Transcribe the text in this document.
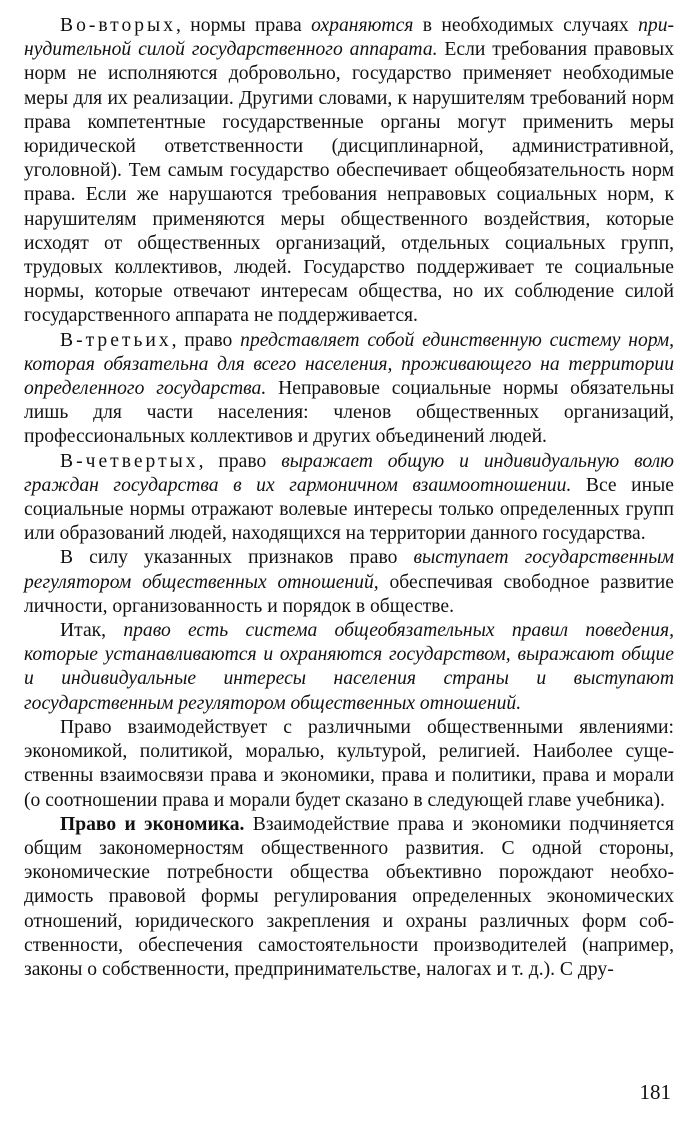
Во-вторых, нормы права охраняются в необходимых случаях принудительной силой государственного аппарата. Если требования правовых норм не исполняются добровольно, государство применяет необходимые меры для их реализации. Другими словами, к нарушителям требований норм права компетентные государственные органы могут применить меры юридической ответственности (дисциплинарной, административной, уголовной). Тем самым государство обеспечивает общеобязательность норм права. Если же нарушаются требования неправовых социальных норм, к нарушителям применяются меры общественного воздействия, которые исходят от общественных организаций, отдельных социальных групп, трудовых коллективов, людей. Государство поддерживает те социальные нормы, которые отвечают интересам общества, но их соблюдение силой государственного аппарата не поддерживается.

В-третьих, право представляет собой единственную систему норм, которая обязательна для всего населения, проживающего на территории определенного государства. Неправовые социальные нормы обязательны лишь для части населения: членов общественных организаций, профессиональных коллективов и других объединений людей.

В-четвертых, право выражает общую и индивидуальную волю граждан государства в их гармоничном взаимоотношении. Все иные социальные нормы отражают волевые интересы только определенных групп или образований людей, находящихся на территории данного государства.

В силу указанных признаков право выступает государственным регулятором общественных отношений, обеспечивая свободное развитие личности, организованность и порядок в обществе.

Итак, право есть система общеобязательных правил поведения, которые устанавливаются и охраняются государством, выражают общие и индивидуальные интересы населения страны и выступают государственным регулятором общественных отношений.

Право взаимодействует с различными общественными явлениями: экономикой, политикой, моралью, культурой, религией. Наиболее существенны взаимосвязи права и экономики, права и политики, права и морали (о соотношении права и морали будет сказано в следующей главе учебника).

Право и экономика. Взаимодействие права и экономики подчиняется общим закономерностям общественного развития. С одной стороны, экономические потребности общества объективно порождают необходимость правовой формы регулирования определенных экономических отношений, юридического закрепления и охраны различных форм собственности, обеспечения самостоятельности производителей (например, законы о собственности, предпринимательстве, налогах и т. д.). С дру-

181
